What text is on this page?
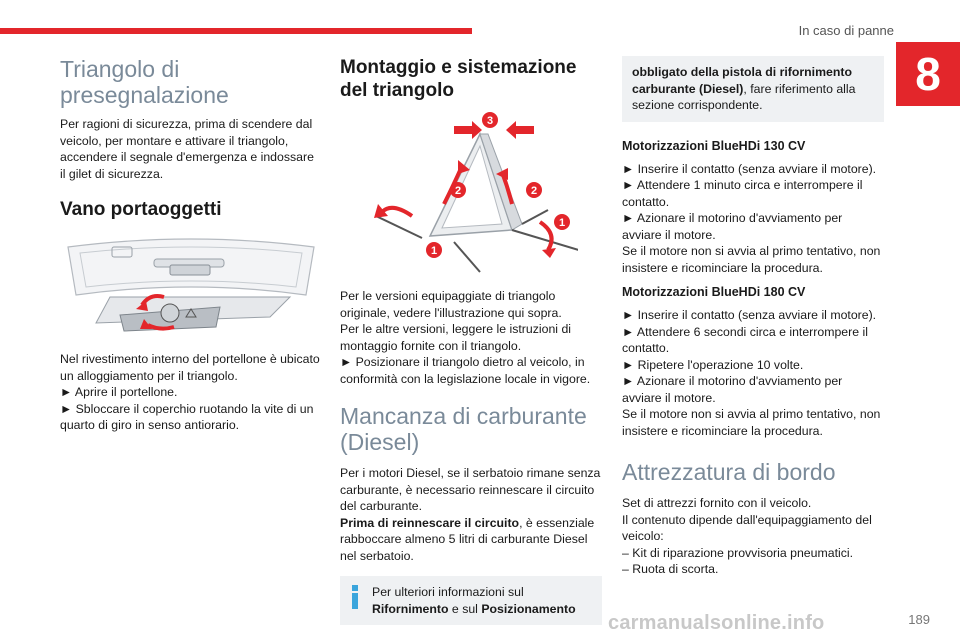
In caso di panne
8
Triangolo di presegnalazione

Per ragioni di sicurezza, prima di scendere dal veicolo, per montare e attivare il triangolo, accendere il segnale d'emergenza e indossare il gilet di sicurezza.

Vano portaoggetti

Nel rivestimento interno del portellone è ubicato un alloggiamento per il triangolo.

► Aprire il portellone.

► Sbloccare il coperchio ruotando la vite di un quarto di giro in senso antiorario.

Montaggio e sistemazione del triangolo
3
2	2
1
1

Per le versioni equipaggiate di triangolo originale, vedere l'illustrazione qui sopra.

Per le altre versioni, leggere le istruzioni di montaggio fornite con il triangolo.

► Posizionare il triangolo dietro al veicolo, in conformità con la legislazione locale in vigore.

Mancanza di carburante (Diesel)

Per i motori Diesel, se il serbatoio rimane senza carburante, è necessario reinnescare il circuito del carburante.

Prima di reinnescare il circuito, è essenziale rabboccare almeno 5 litri di carburante Diesel nel serbatoio.

Per ulteriori informazioni sul Rifornimento e sul Posizionamento

obbligato della pistola di rifornimento carburante (Diesel), fare riferimento alla sezione corrispondente.

Motorizzazioni BlueHDi 130 CV

► Inserire il contatto (senza avviare il motore).

► Attendere 1 minuto circa e interrompere il contatto.

► Azionare il motorino d'avviamento per avviare il motore.

Se il motore non si avvia al primo tentativo, non insistere e ricominciare la procedura.

Motorizzazioni BlueHDi 180 CV

► Inserire il contatto (senza avviare il motore).

► Attendere 6 secondi circa e interrompere il contatto.

► Ripetere l'operazione 10 volte.

► Azionare il motorino d'avviamento per avviare il motore.

Se il motore non si avvia al primo tentativo, non insistere e ricominciare la procedura.

Attrezzatura di bordo

Set di attrezzi fornito con il veicolo.

Il contenuto dipende dall'equipaggiamento del veicolo:

– Kit di riparazione provvisoria pneumatici.

– Ruota di scorta.

carmanualsonline.info	189
